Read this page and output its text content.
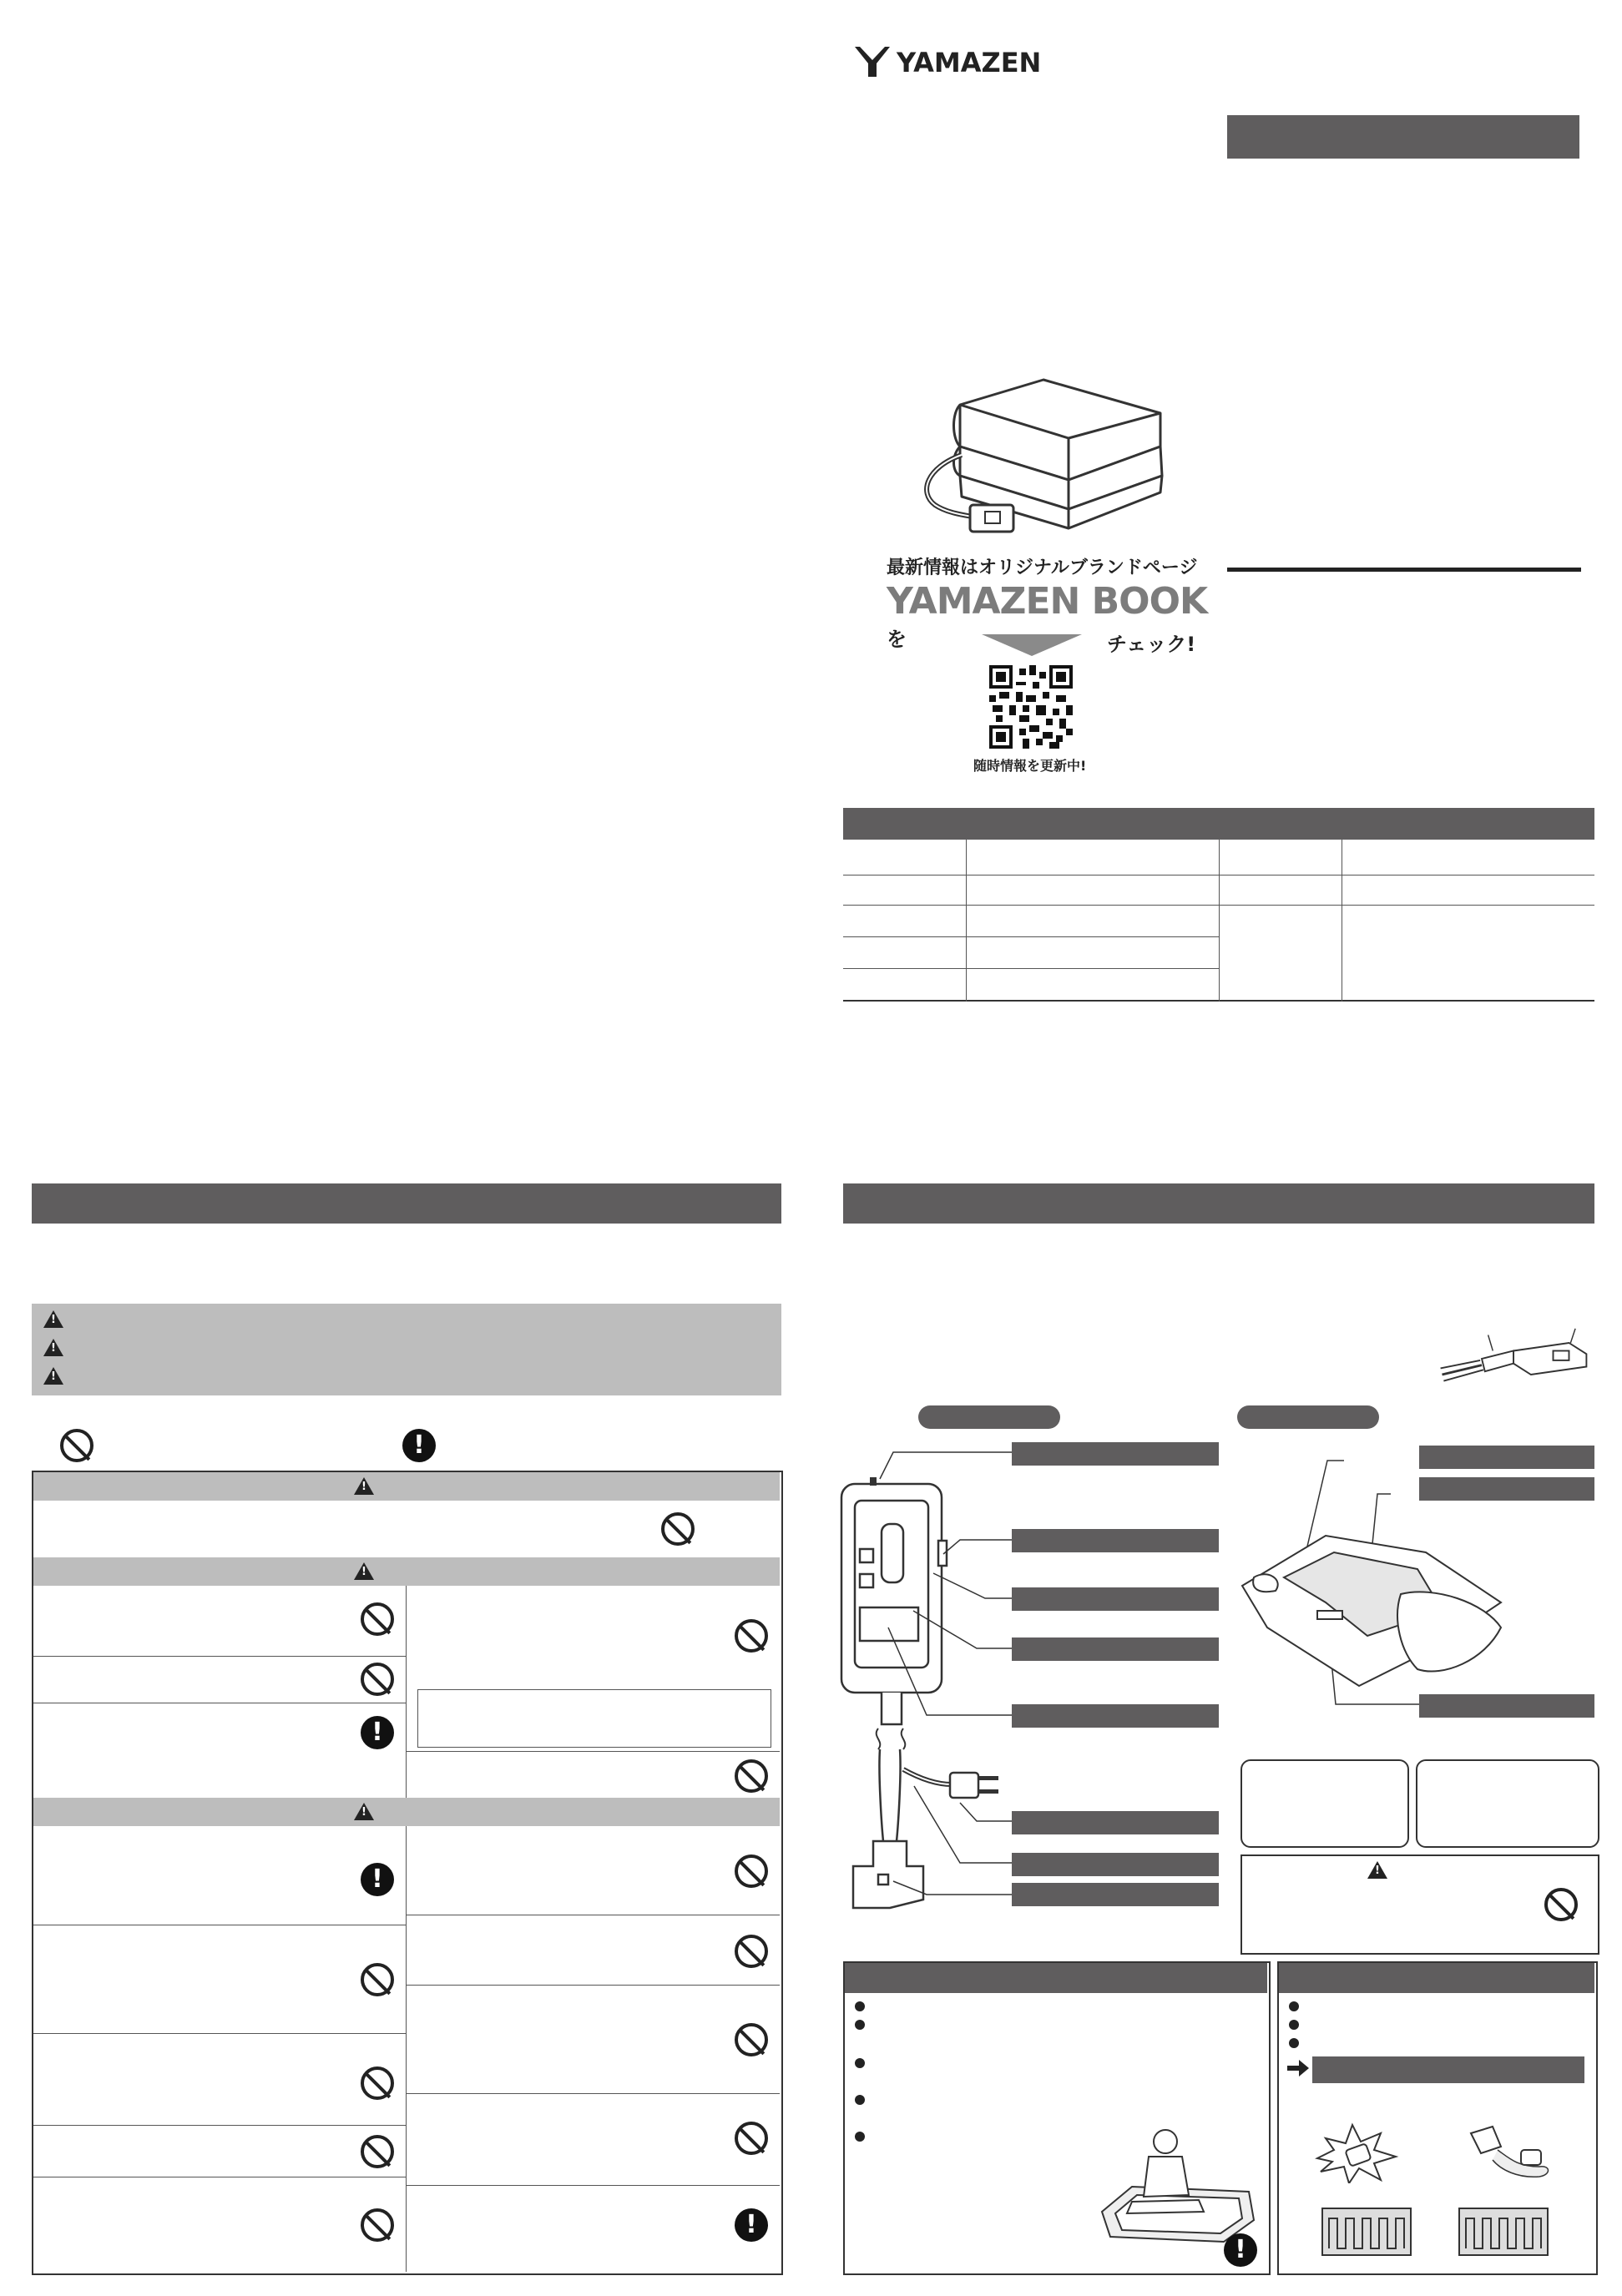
YAMAZEN
最新情報はオリジナルブランドページ
YAMAZEN BOOK を	チェック!
随時情報を更新中!
!
!
!
!
!
!
!
!
!
!
!
!
